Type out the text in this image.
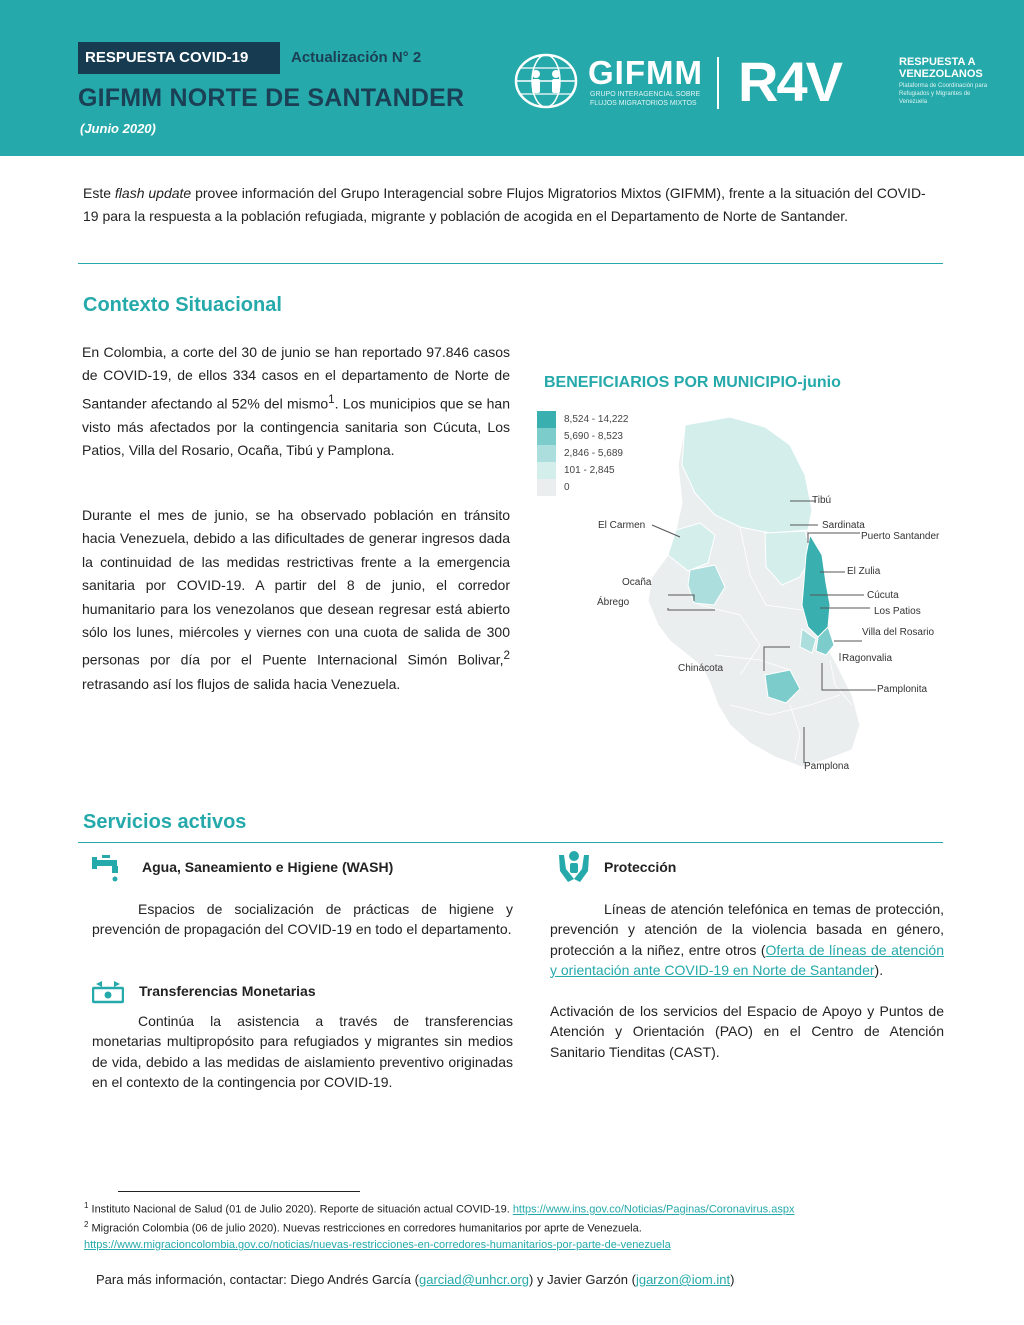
RESPUESTA COVID-19	Actualización N° 2
GIFMM NORTE DE SANTANDER
(Junio 2020)
GIFMM
GRUPO INTERAGENCIAL SOBRE FLUJOS MIGRATORIOS MIXTOS R4V	RESPUESTA A VENEZOLANOS
Plataforma de Coordinación para Refugiados y Migrantes de Venezuela
Este flash update provee información del Grupo Interagencial sobre Flujos Migratorios Mixtos (GIFMM), frente a la situación del COVID- 19 para la respuesta a la población refugiada, migrante y población de acogida en el Departamento de Norte de Santander.
Contexto Situacional
En Colombia, a corte del 30 de junio se han reportado 97.846 casos de COVID-19, de ellos 334 casos en el departamento de Norte de Santander afectando al 52% del mismo$^1$. Los municipios que se han visto más afectados por la contingencia sanitaria son Cúcuta, Los Patios, Villa del Rosario, Ocaña, Tibú y Pamplona.
Durante el mes de junio, se ha observado población en tránsito hacia Venezuela, debido a las dificultades de generar ingresos dada la continuidad de las medidas restrictivas frente a la emergencia sanitaria por COVID-19. A partir del 8 de junio, el corredor humanitario para los venezolanos que desean regresar está abierto sólo los lunes, miércoles y viernes con una cuota de salida de 300 personas por día por el Puente Internacional Simón Bolivar,$^2$ retrasando así los flujos de salida hacia Venezuela.
BENEFICIARIOS POR MUNICIPIO-junio
8,524 - 14,222
5,690 - 8,523
2,846 - 5,689
101 - 2,845
0
Tibú
Sardinata
Puerto Santander
El Carmen
El Zulia
Ocaña
Ábrego
Cúcuta
Los Patios
Villa del Rosario
Ragonvalia
Chinácota
Pamplonita
Pamplona
Servicios activos
Agua, Saneamiento e Higiene (WASH)
Espacios de socialización de prácticas de higiene y prevención de propagación del COVID-19 en todo el departamento.
Transferencias Monetarias
Continúa la asistencia a través de transferencias monetarias multipropósito para refugiados y migrantes sin medios de vida, debido a las medidas de aislamiento preventivo originadas en el contexto de la contingencia por COVID-19.
Protección
Líneas de atención telefónica en temas de protección, prevención y atención de la violencia basada en género, protección a la niñez, entre otros (Oferta de líneas de atención y orientación ante COVID-19 en Norte de Santander).
Activación de los servicios del Espacio de Apoyo y Puntos de Atención y Orientación (PAO) en el Centro de Atención Sanitario Tienditas (CAST).
$^1$ Instituto Nacional de Salud (01 de Julio 2020). Reporte de situación actual COVID-19. https://www.ins.gov.co/Noticias/Paginas/Coronavirus.aspx
$^2$ Migración Colombia (06 de julio 2020). Nuevas restricciones en corredores humanitarios por aprte de Venezuela.
https://www.migracioncolombia.gov.co/noticias/nuevas-restricciones-en-corredores-humanitarios-por-parte-de-venezuela
Para más información, contactar: Diego Andrés García (garciad@unhcr.org) y Javier Garzón (jgarzon@iom.int)
